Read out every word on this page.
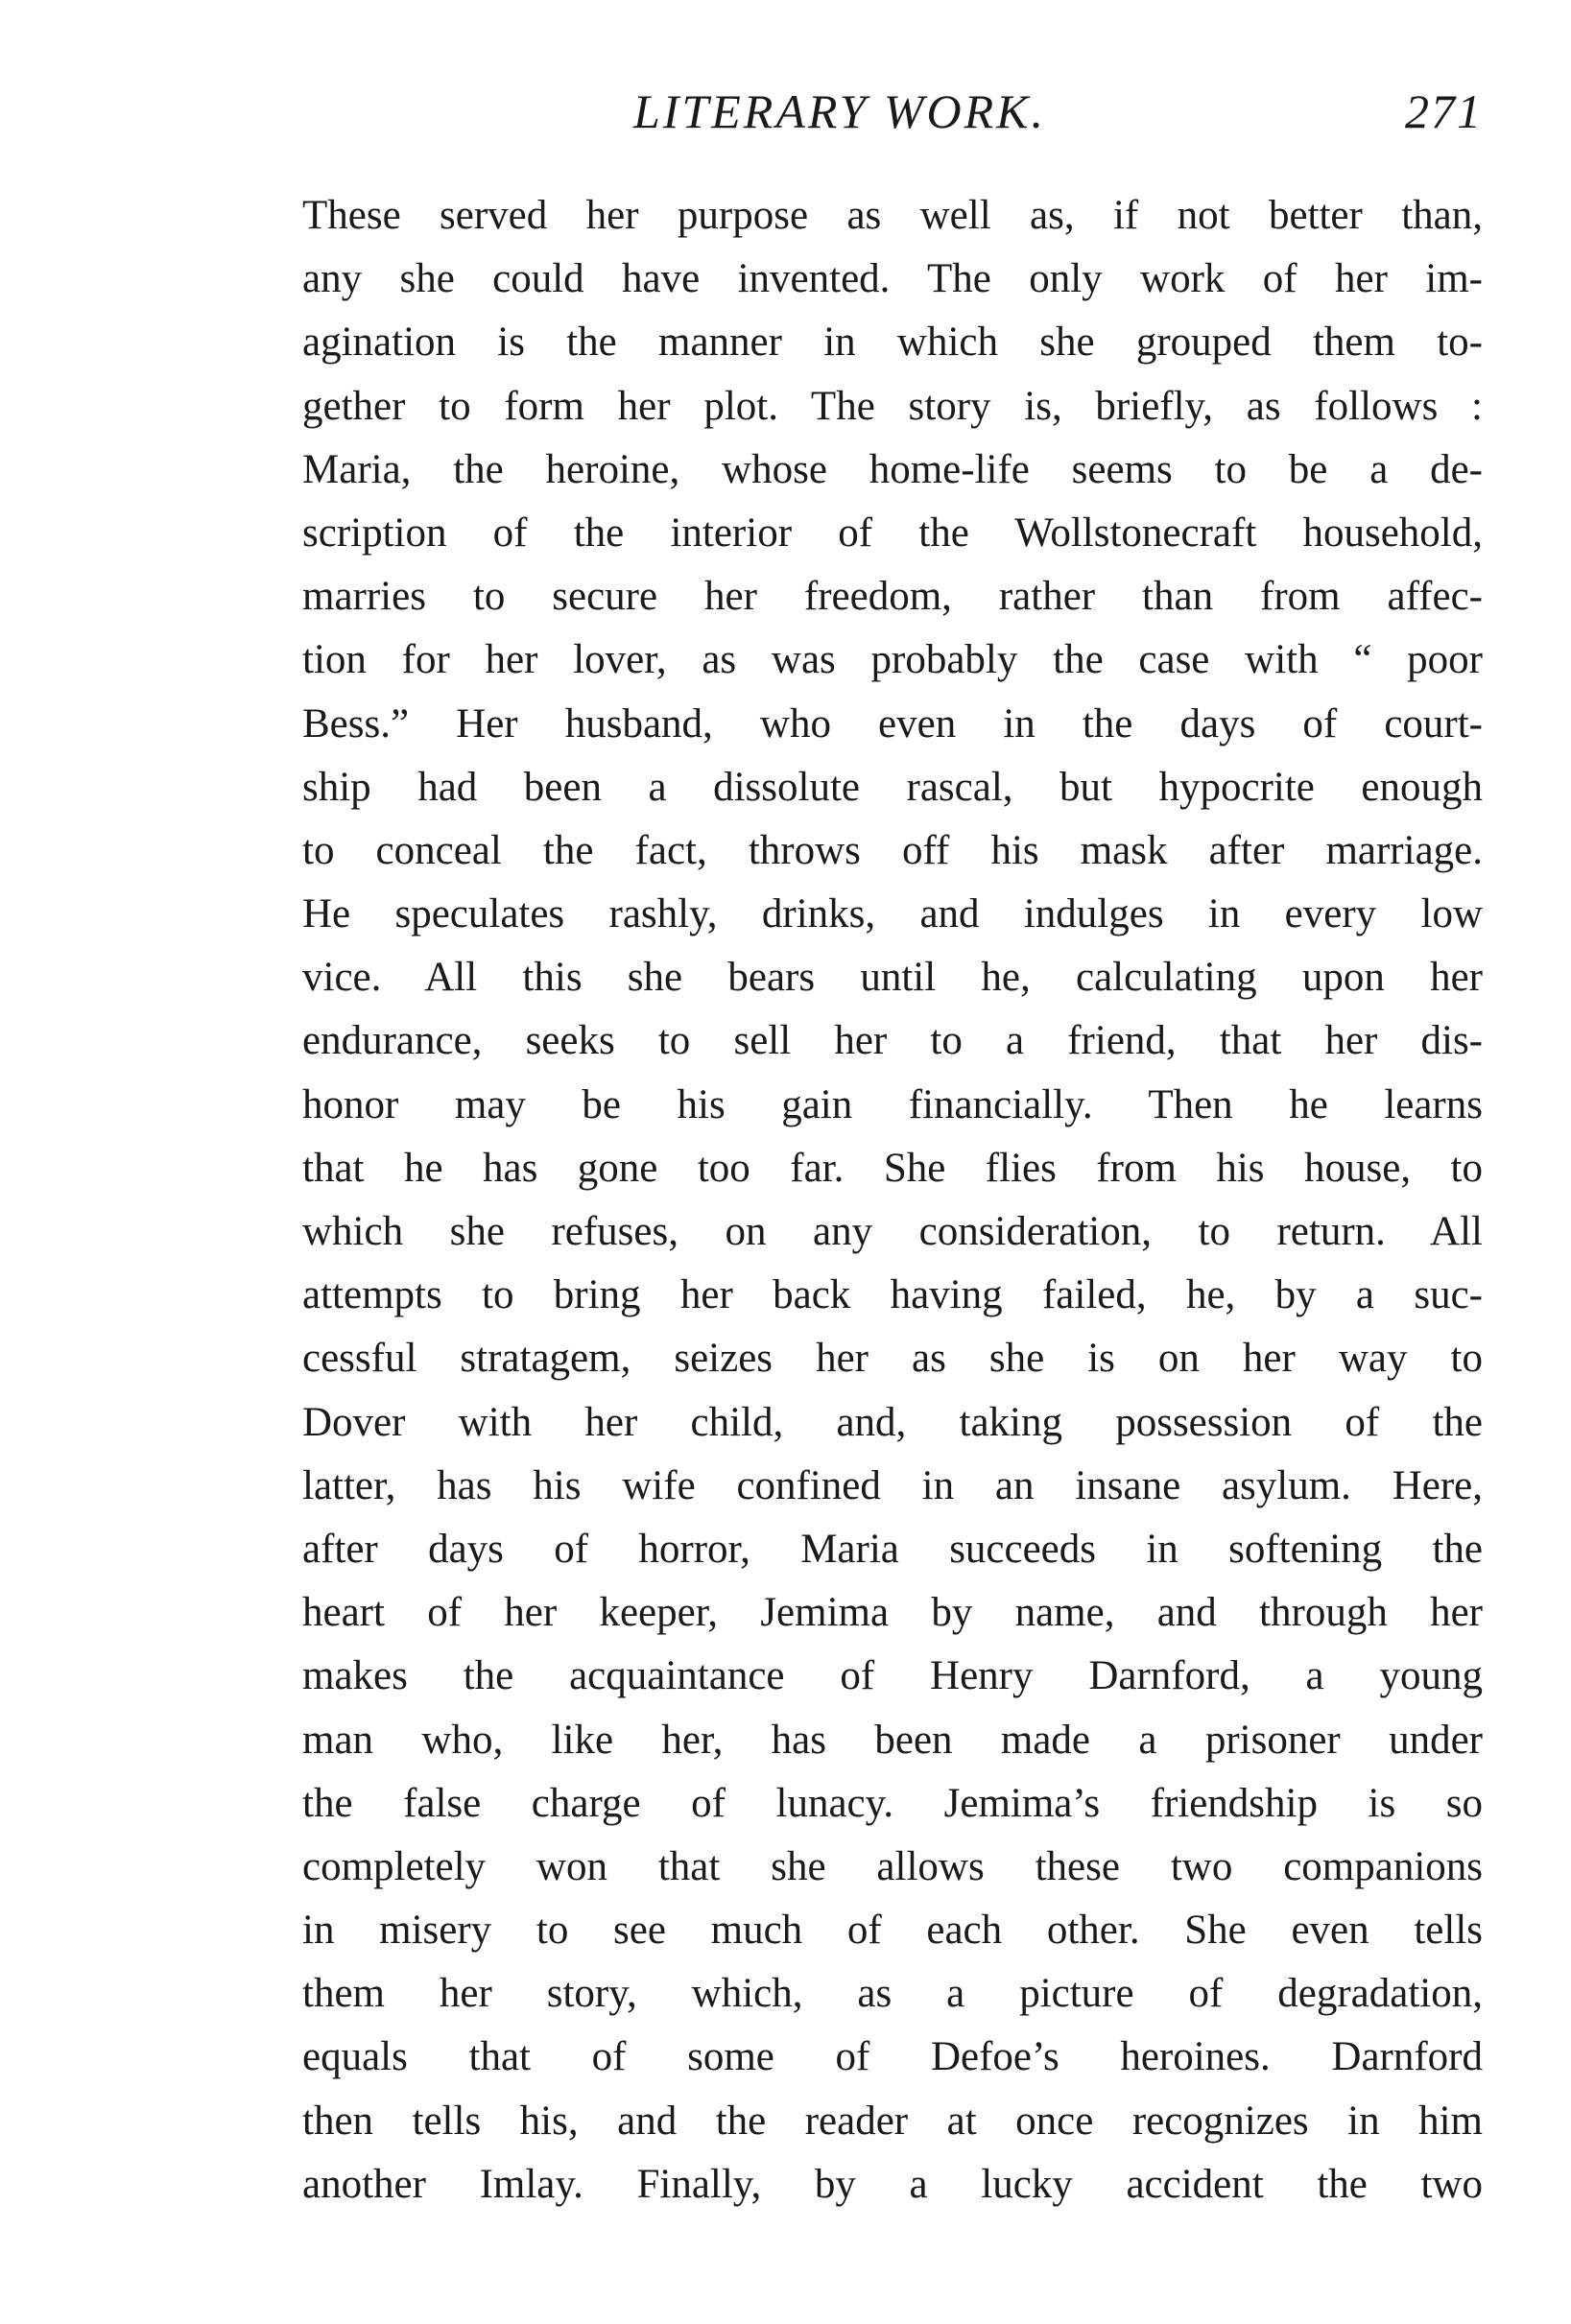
LITERARY WORK.	271
These served her purpose as well as, if not better than,
any she could have invented. The only work of her im-
agination is the manner in which she grouped them to-
gether to form her plot. The story is, briefly, as follows :
Maria, the heroine, whose home-life seems to be a de-
scription of the interior of the Wollstonecraft household,
marries to secure her freedom, rather than from affec-
tion for her lover, as was probably the case with “ poor
Bess.” Her husband, who even in the days of court-
ship had been a dissolute rascal, but hypocrite enough
to conceal the fact, throws off his mask after marriage.
He speculates rashly, drinks, and indulges in every low
vice. All this she bears until he, calculating upon her
endurance, seeks to sell her to a friend, that her dis-
honor may be his gain financially. Then he learns
that he has gone too far. She flies from his house, to
which she refuses, on any consideration, to return. All
attempts to bring her back having failed, he, by a suc-
cessful stratagem, seizes her as she is on her way to
Dover with her child, and, taking possession of the
latter, has his wife confined in an insane asylum. Here,
after days of horror, Maria succeeds in softening the
heart of her keeper, Jemima by name, and through her
makes the acquaintance of Henry Darnford, a young
man who, like her, has been made a prisoner under
the false charge of lunacy. Jemima’s friendship is so
completely won that she allows these two companions
in misery to see much of each other. She even tells
them her story, which, as a picture of degradation,
equals that of some of Defoe’s heroines. Darnford
then tells his, and the reader at once recognizes in him
another Imlay. Finally, by a lucky accident the two
